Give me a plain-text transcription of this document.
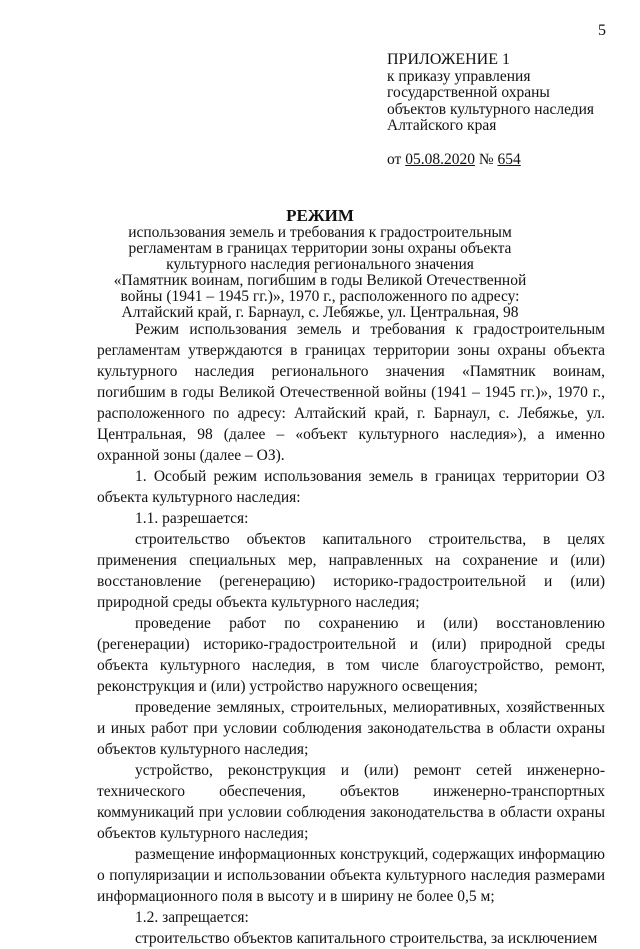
5
ПРИЛОЖЕНИЕ 1
к приказу управления
государственной охраны
объектов культурного наследия
Алтайского края
от 05.08.2020 № 654
РЕЖИМ
использования земель и требования к градостроительным
регламентам в границах территории зоны охраны объекта
культурного наследия регионального значения
«Памятник воинам, погибшим в годы Великой Отечественной
войны (1941 – 1945 гг.)», 1970 г., расположенного по адресу:
Алтайский край, г. Барнаул, с. Лебяжье, ул. Центральная, 98

Режим использования земель и требования к градостроительным регламентам утверждаются в границах территории зоны охраны объекта культурного наследия регионального значения «Памятник воинам, погибшим в годы Великой Отечественной войны (1941 – 1945 гг.)», 1970 г., расположенного по адресу: Алтайский край, г. Барнаул, с. Лебяжье, ул. Центральная, 98 (далее – «объект культурного наследия»), а именно охранной зоны (далее – ОЗ).

1. Особый режим использования земель в границах территории ОЗ объекта культурного наследия:

1.1. разрешается:

строительство объектов капитального строительства, в целях применения специальных мер, направленных на сохранение и (или) восстановление (регенерацию) историко-градостроительной и (или) природной среды объекта культурного наследия;

проведение работ по сохранению и (или) восстановлению (регенерации) историко-градостроительной и (или) природной среды объекта культурного наследия, в том числе благоустройство, ремонт, реконструкция и (или) устройство наружного освещения;

проведение земляных, строительных, мелиоративных, хозяйственных и иных работ при условии соблюдения законодательства в области охраны объектов культурного наследия;

устройство, реконструкция и (или) ремонт сетей инженерно-технического обеспечения, объектов инженерно-транспортных коммуникаций при условии соблюдения законодательства в области охраны объектов культурного наследия;

размещение информационных конструкций, содержащих информацию о популяризации и использовании объекта культурного наследия размерами информационного поля в высоту и в ширину не более 0,5 м;

1.2. запрещается:

строительство объектов капитального строительства, за исключением
